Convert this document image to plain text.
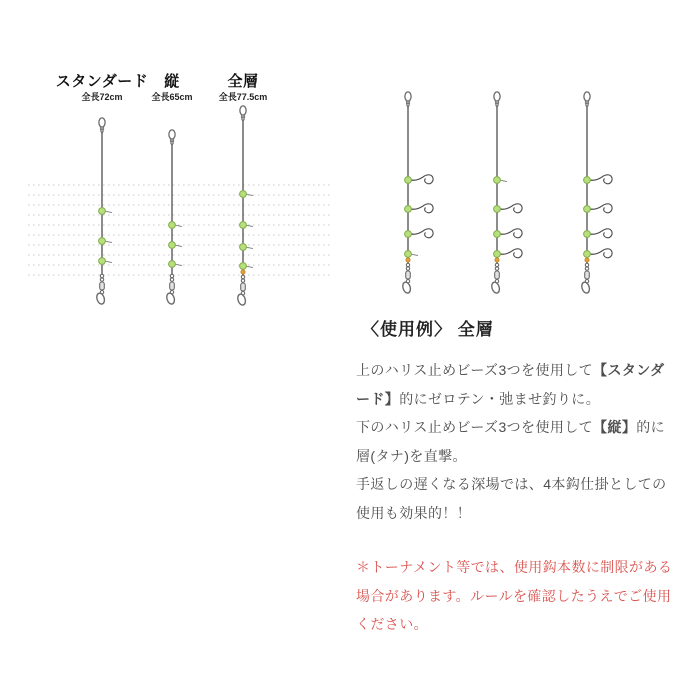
スタンダード
全長72cm
縦
全長65cm
全層
全長77.5cm
〈使用例〉 全層
上のハリス止めビーズ3つを使用して【スタンダ
ード】的にゼロテン・弛ませ釣りに。
下のハリス止めビーズ3つを使用して【縦】的に
層(タナ)を直撃。
手返しの遅くなる深場では、4本鈎仕掛としての
使用も効果的！！
＊トーナメント等では、使用鈎本数に制限がある
場合があります。ルールを確認したうえでご使用
ください。
